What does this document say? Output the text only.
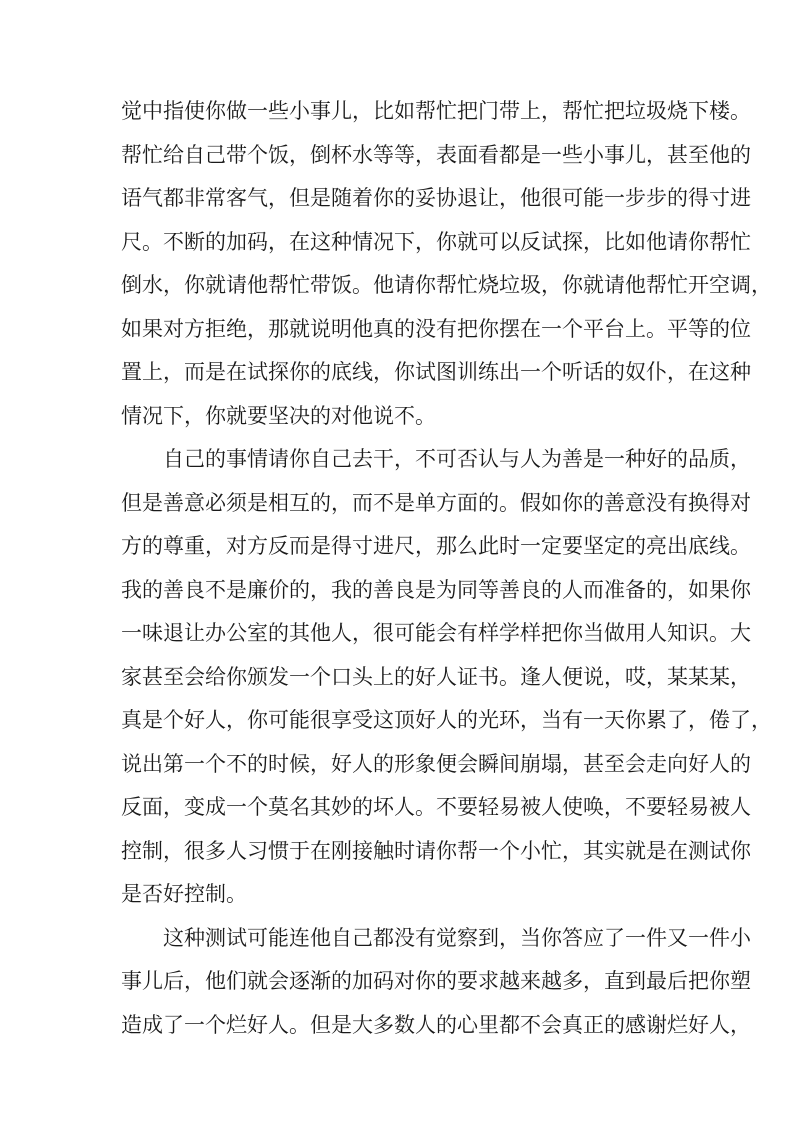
觉中指使你做一些小事儿，比如帮忙把门带上，帮忙把垃圾烧下楼。
帮忙给自己带个饭，倒杯水等等，表面看都是一些小事儿，甚至他的
语气都非常客气，但是随着你的妥协退让，他很可能一步步的得寸进
尺。不断的加码，在这种情况下，你就可以反试探，比如他请你帮忙
倒水，你就请他帮忙带饭。他请你帮忙烧垃圾，你就请他帮忙开空调，
如果对方拒绝，那就说明他真的没有把你摆在一个平台上。平等的位
置上，而是在试探你的底线，你试图训练出一个听话的奴仆，在这种
情况下，你就要坚决的对他说不。
　　自己的事情请你自己去干，不可否认与人为善是一种好的品质，
但是善意必须是相互的，而不是单方面的。假如你的善意没有换得对
方的尊重，对方反而是得寸进尺，那么此时一定要坚定的亮出底线。
我的善良不是廉价的，我的善良是为同等善良的人而准备的，如果你
一味退让办公室的其他人，很可能会有样学样把你当做用人知识。大
家甚至会给你颁发一个口头上的好人证书。逢人便说，哎，某某某，
真是个好人，你可能很享受这顶好人的光环，当有一天你累了，倦了，
说出第一个不的时候，好人的形象便会瞬间崩塌，甚至会走向好人的
反面，变成一个莫名其妙的坏人。不要轻易被人使唤，不要轻易被人
控制，很多人习惯于在刚接触时请你帮一个小忙，其实就是在测试你
是否好控制。
　　这种测试可能连他自己都没有觉察到，当你答应了一件又一件小
事儿后，他们就会逐渐的加码对你的要求越来越多，直到最后把你塑
造成了一个烂好人。但是大多数人的心里都不会真正的感谢烂好人，
